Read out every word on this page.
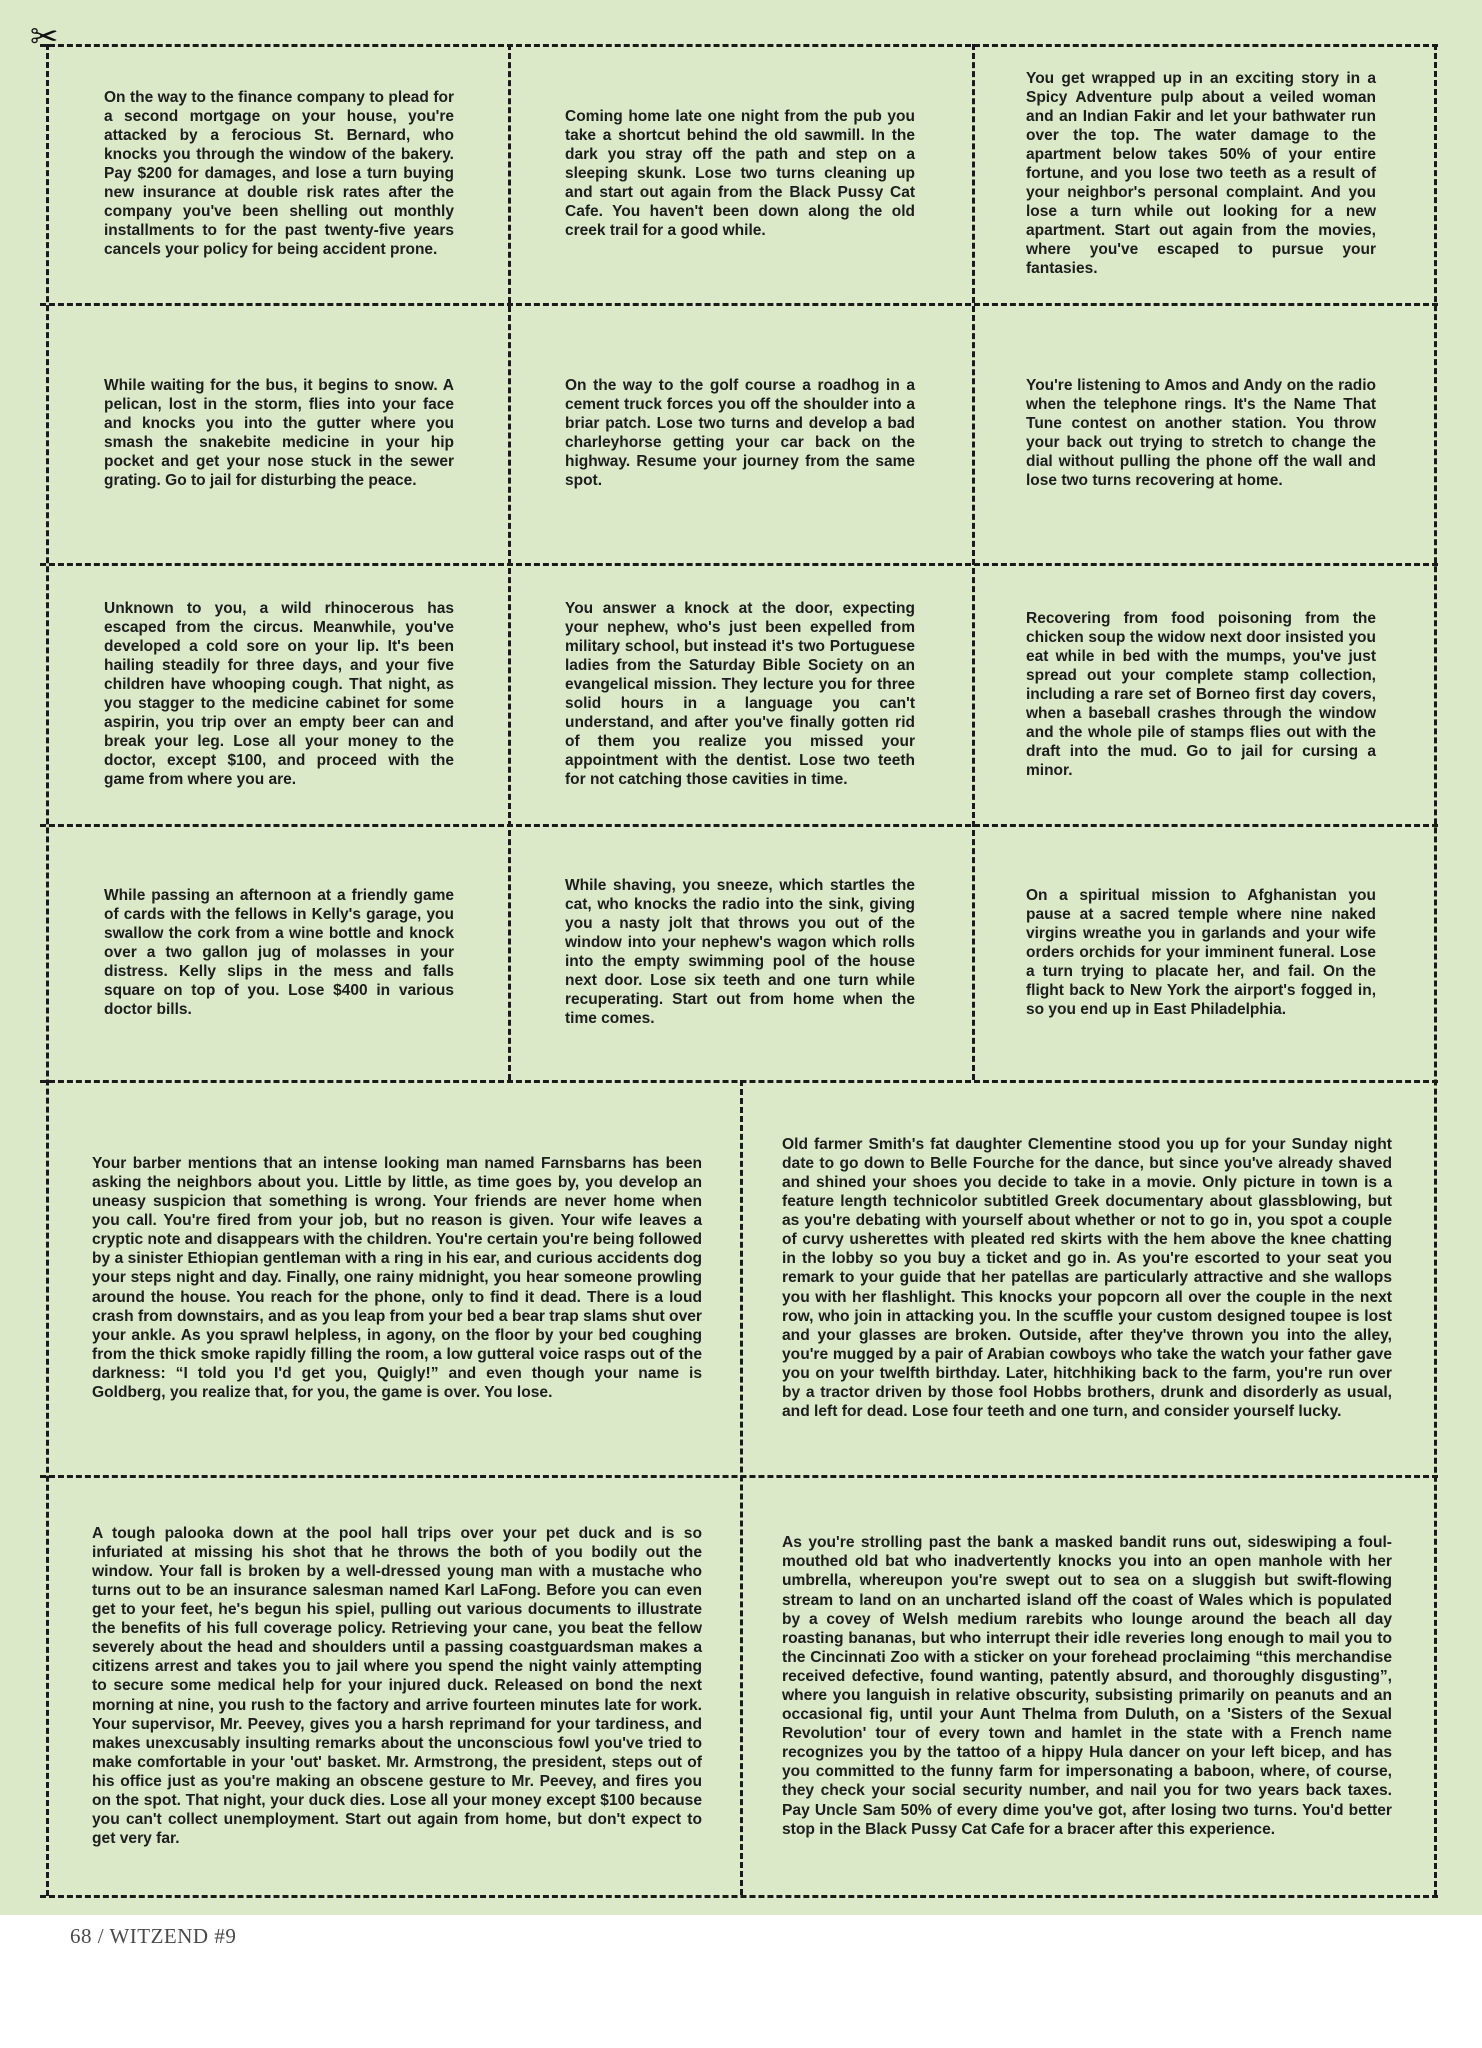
✂

On the way to the finance company to plead for a second mortgage on your house, you're attacked by a ferocious St. Bernard, who knocks you through the window of the bakery. Pay $200 for damages, and lose a turn buying new insurance at double risk rates after the company you've been shelling out monthly installments to for the past twenty-five years cancels your policy for being accident prone.

Coming home late one night from the pub you take a shortcut behind the old sawmill. In the dark you stray off the path and step on a sleeping skunk. Lose two turns cleaning up and start out again from the Black Pussy Cat Cafe. You haven't been down along the old creek trail for a good while.

You get wrapped up in an exciting story in a Spicy Adventure pulp about a veiled woman and an Indian Fakir and let your bathwater run over the top. The water damage to the apartment below takes 50% of your entire fortune, and you lose two teeth as a result of your neighbor's personal complaint. And you lose a turn while out looking for a new apartment. Start out again from the movies, where you've escaped to pursue your fantasies.

While waiting for the bus, it begins to snow. A pelican, lost in the storm, flies into your face and knocks you into the gutter where you smash the snakebite medicine in your hip pocket and get your nose stuck in the sewer grating. Go to jail for disturbing the peace.

On the way to the golf course a roadhog in a cement truck forces you off the shoulder into a briar patch. Lose two turns and develop a bad charleyhorse getting your car back on the highway. Resume your journey from the same spot.

You're listening to Amos and Andy on the radio when the telephone rings. It's the Name That Tune contest on another station. You throw your back out trying to stretch to change the dial without pulling the phone off the wall and lose two turns recovering at home.

Unknown to you, a wild rhinocerous has escaped from the circus. Meanwhile, you've developed a cold sore on your lip. It's been hailing steadily for three days, and your five children have whooping cough. That night, as you stagger to the medicine cabinet for some aspirin, you trip over an empty beer can and break your leg. Lose all your money to the doctor, except $100, and proceed with the game from where you are.

You answer a knock at the door, expecting your nephew, who's just been expelled from military school, but instead it's two Portuguese ladies from the Saturday Bible Society on an evangelical mission. They lecture you for three solid hours in a language you can't understand, and after you've finally gotten rid of them you realize you missed your appointment with the dentist. Lose two teeth for not catching those cavities in time.

Recovering from food poisoning from the chicken soup the widow next door insisted you eat while in bed with the mumps, you've just spread out your complete stamp collection, including a rare set of Borneo first day covers, when a baseball crashes through the window and the whole pile of stamps flies out with the draft into the mud. Go to jail for cursing a minor.

While passing an afternoon at a friendly game of cards with the fellows in Kelly's garage, you swallow the cork from a wine bottle and knock over a two gallon jug of molasses in your distress. Kelly slips in the mess and falls square on top of you. Lose $400 in various doctor bills.

While shaving, you sneeze, which startles the cat, who knocks the radio into the sink, giving you a nasty jolt that throws you out of the window into your nephew's wagon which rolls into the empty swimming pool of the house next door. Lose six teeth and one turn while recuperating. Start out from home when the time comes.

On a spiritual mission to Afghanistan you pause at a sacred temple where nine naked virgins wreathe you in garlands and your wife orders orchids for your imminent funeral. Lose a turn trying to placate her, and fail. On the flight back to New York the airport's fogged in, so you end up in East Philadelphia.

Your barber mentions that an intense looking man named Farnsbarns has been asking the neighbors about you. Little by little, as time goes by, you develop an uneasy suspicion that something is wrong. Your friends are never home when you call. You're fired from your job, but no reason is given. Your wife leaves a cryptic note and disappears with the children. You're certain you're being followed by a sinister Ethiopian gentleman with a ring in his ear, and curious accidents dog your steps night and day. Finally, one rainy midnight, you hear someone prowling around the house. You reach for the phone, only to find it dead. There is a loud crash from downstairs, and as you leap from your bed a bear trap slams shut over your ankle. As you sprawl helpless, in agony, on the floor by your bed coughing from the thick smoke rapidly filling the room, a low gutteral voice rasps out of the darkness: “I told you I'd get you, Quigly!” and even though your name is Goldberg, you realize that, for you, the game is over. You lose.

Old farmer Smith's fat daughter Clementine stood you up for your Sunday night date to go down to Belle Fourche for the dance, but since you've already shaved and shined your shoes you decide to take in a movie. Only picture in town is a feature length technicolor subtitled Greek documentary about glassblowing, but as you're debating with yourself about whether or not to go in, you spot a couple of curvy usherettes with pleated red skirts with the hem above the knee chatting in the lobby so you buy a ticket and go in. As you're escorted to your seat you remark to your guide that her patellas are particularly attractive and she wallops you with her flashlight. This knocks your popcorn all over the couple in the next row, who join in attacking you. In the scuffle your custom designed toupee is lost and your glasses are broken. Outside, after they've thrown you into the alley, you're mugged by a pair of Arabian cowboys who take the watch your father gave you on your twelfth birthday. Later, hitchhiking back to the farm, you're run over by a tractor driven by those fool Hobbs brothers, drunk and disorderly as usual, and left for dead. Lose four teeth and one turn, and consider yourself lucky.

A tough palooka down at the pool hall trips over your pet duck and is so infuriated at missing his shot that he throws the both of you bodily out the window. Your fall is broken by a well-dressed young man with a mustache who turns out to be an insurance salesman named Karl LaFong. Before you can even get to your feet, he's begun his spiel, pulling out various documents to illustrate the benefits of his full coverage policy. Retrieving your cane, you beat the fellow severely about the head and shoulders until a passing coastguardsman makes a citizens arrest and takes you to jail where you spend the night vainly attempting to secure some medical help for your injured duck. Released on bond the next morning at nine, you rush to the factory and arrive fourteen minutes late for work. Your supervisor, Mr. Peevey, gives you a harsh reprimand for your tardiness, and makes unexcusably insulting remarks about the unconscious fowl you've tried to make comfortable in your 'out' basket. Mr. Armstrong, the president, steps out of his office just as you're making an obscene gesture to Mr. Peevey, and fires you on the spot. That night, your duck dies. Lose all your money except $100 because you can't collect unemployment. Start out again from home, but don't expect to get very far.

As you're strolling past the bank a masked bandit runs out, sideswiping a foul-mouthed old bat who inadvertently knocks you into an open manhole with her umbrella, whereupon you're swept out to sea on a sluggish but swift-flowing stream to land on an uncharted island off the coast of Wales which is populated by a covey of Welsh medium rarebits who lounge around the beach all day roasting bananas, but who interrupt their idle reveries long enough to mail you to the Cincinnati Zoo with a sticker on your forehead proclaiming “this merchandise received defective, found wanting, patently absurd, and thoroughly disgusting”, where you languish in relative obscurity, subsisting primarily on peanuts and an occasional fig, until your Aunt Thelma from Duluth, on a 'Sisters of the Sexual Revolution' tour of every town and hamlet in the state with a French name recognizes you by the tattoo of a hippy Hula dancer on your left bicep, and has you committed to the funny farm for impersonating a baboon, where, of course, they check your social security number, and nail you for two years back taxes. Pay Uncle Sam 50% of every dime you've got, after losing two turns. You'd better stop in the Black Pussy Cat Cafe for a bracer after this experience.

68 / WITZEND #9
